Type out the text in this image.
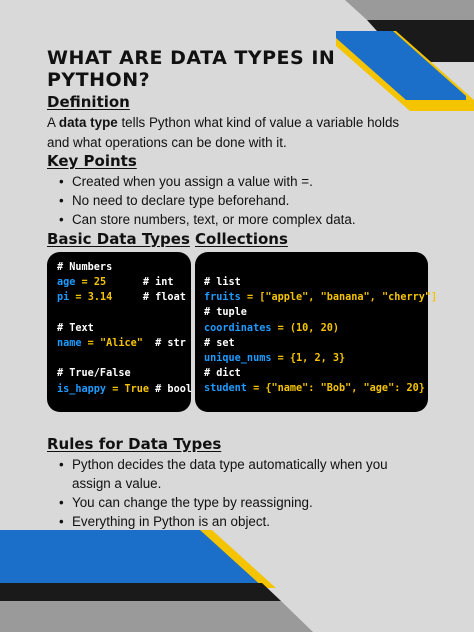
WHAT ARE DATA TYPES IN PYTHON?
Definition

A data type tells Python what kind of value a variable holds and what operations can be done with it.

Key Points
• Created when you assign a value with =.
• No need to declare type beforehand.
• Can store numbers, text, or more complex data.
Basic Data Types Collections
# Numbers
age = 25      # int
pi = 3.14     # float

# Text
name = "Alice"  # str

# True/False
is_happy = True # bool
# list
fruits = ["apple", "banana", "cherry"]
# tuple
coordinates = (10, 20)
# set
unique_nums = {1, 2, 3}
# dict
student = {"name": "Bob", "age": 20}
Rules for Data Types
• Python decides the data type automatically when you assign a value.
• You can change the type by reassigning.
• Everything in Python is an object.
